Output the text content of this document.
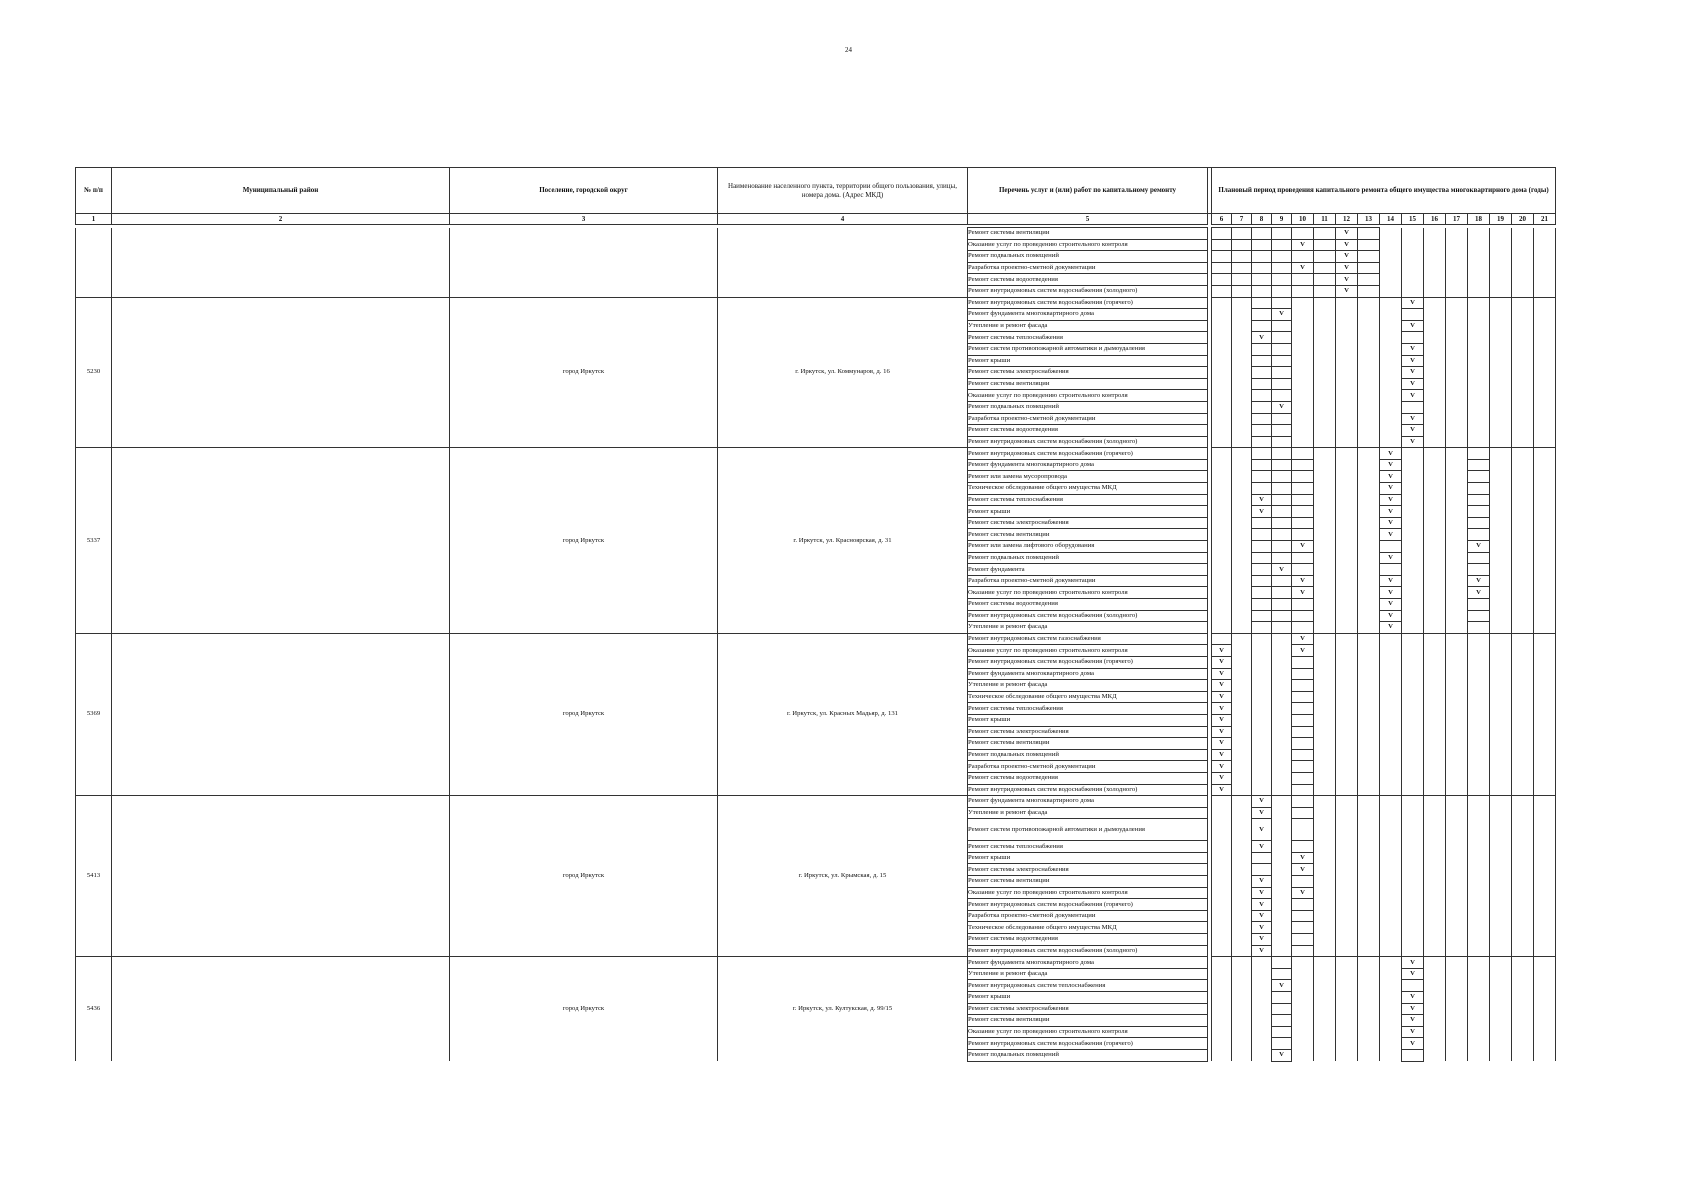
24
№ п/п	Муниципальный район	Поселение, городской округ	Наименование населенного пункта, территории общего пользования, улицы, номера дома. (Адрес МКД)	Перечень услуг и (или) работ по капитальному ремонту		Плановый период проведения капитального ремонта общего имущества многоквартирного дома (годы)															
1	2	3	4	5		6	7	8	9	10	11	12	13	14	15	16	17	18	19	20	21

				Ремонт системы вентиляции								V									
				Оказание услуг по проведению строительного контроля						V		V									
				Ремонт подвальных помещений								V									
				Разработка проектно-сметной документации						V		V									
				Ремонт системы водоотведения								V									
				Ремонт внутридомовых систем водоснабжения (холодного)								V									
5230		город Иркутск	г. Иркутск, ул. Коммунаров, д. 16	Ремонт внутридомовых систем водоснабжения (горячего)											V						
				Ремонт фундамента многоквартирного дома					V												
				Утепление и ремонт фасада											V						
				Ремонт системы теплоснабжения				V													
				Ремонт систем противопожарной автоматики и дымоудаления											V						
				Ремонт крыши											V						
				Ремонт системы электроснабжения											V						
				Ремонт системы вентиляции											V						
				Оказание услуг по проведению строительного контроля											V						
				Ремонт подвальных помещений					V												
				Разработка проектно-сметной документации											V						
				Ремонт системы водоотведения											V						
				Ремонт внутридомовых систем водоснабжения (холодного)											V						
5337		город Иркутск	г. Иркутск, ул. Красноярская, д. 31	Ремонт внутридомовых систем водоснабжения (горячего)										V							
				Ремонт фундамента многоквартирного дома										V							
				Ремонт или замена мусоропровода										V							
				Техническое обследование общего имущества МКД										V							
				Ремонт системы теплоснабжения				V						V							
				Ремонт крыши				V						V							
				Ремонт системы электроснабжения										V							
				Ремонт системы вентиляции										V							
				Ремонт или замена лифтового оборудования						V								V			
				Ремонт подвальных помещений										V							
				Ремонт фундамента					V												
				Разработка проектно-сметной документации						V				V				V			
				Оказание услуг по проведению строительного контроля						V				V				V			
				Ремонт системы водоотведения										V							
				Ремонт внутридомовых систем водоснабжения (холодного)										V							
				Утепление и ремонт фасада										V							
5369		город Иркутск	г. Иркутск, ул. Красных Мадьяр, д. 131	Ремонт внутридомовых систем газоснабжения						V											
				Оказание услуг по проведению строительного контроля		V				V											
				Ремонт внутридомовых систем водоснабжения (горячего)		V															
				Ремонт фундамента многоквартирного дома		V															
				Утепление и ремонт фасада		V															
				Техническое обследование общего имущества МКД		V															
				Ремонт системы теплоснабжения		V															
				Ремонт крыши		V															
				Ремонт системы электроснабжения		V															
				Ремонт системы вентиляции		V															
				Ремонт подвальных помещений		V															
				Разработка проектно-сметной документации		V															
				Ремонт системы водоотведения		V															
				Ремонт внутридомовых систем водоснабжения (холодного)		V															
5413		город Иркутск	г. Иркутск, ул. Крымская, д. 15	Ремонт фундамента многоквартирного дома				V													
				Утепление и ремонт фасада				V													
				Ремонт систем противопожарной автоматики и дымоудаления				V													
				Ремонт системы теплоснабжения				V													
				Ремонт крыши						V											
				Ремонт системы электроснабжения						V											
				Ремонт системы вентиляции				V													
				Оказание услуг по проведению строительного контроля				V		V											
				Ремонт внутридомовых систем водоснабжения (горячего)				V													
				Разработка проектно-сметной документации				V													
				Техническое обследование общего имущества МКД				V													
				Ремонт системы водоотведения				V													
				Ремонт внутридомовых систем водоснабжения (холодного)				V													
5436		город Иркутск	г. Иркутск, ул. Култукская, д. 99/15	Ремонт фундамента многоквартирного дома											V						
				Утепление и ремонт фасада											V						
				Ремонт внутридомовых систем теплоснабжения					V												
				Ремонт крыши											V						
				Ремонт системы электроснабжения											V						
				Ремонт системы вентиляции											V						
				Оказание услуг по проведению строительного контроля											V						
				Ремонт внутридомовых систем водоснабжения (горячего)											V						
				Ремонт подвальных помещений					V												
